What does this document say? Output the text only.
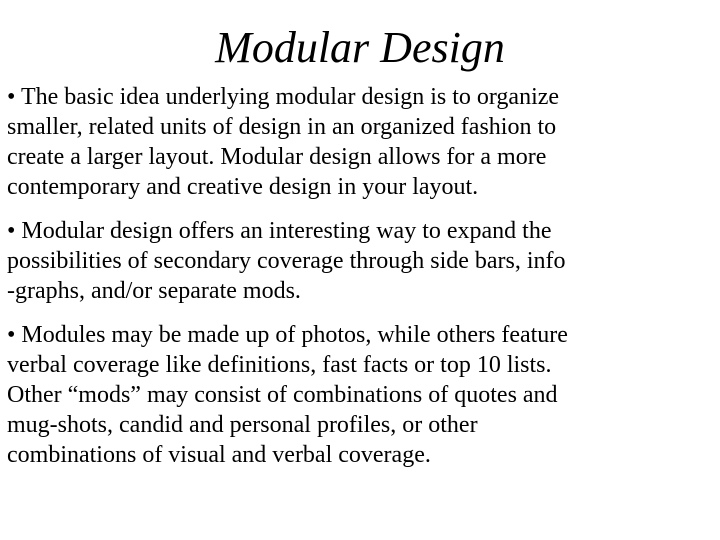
Modular Design

• The basic idea underlying modular design is to organize
smaller, related units of design in an organized fashion to
create a larger layout. Modular design allows for a more
contemporary and creative design in your layout.

• Modular design offers an interesting way to expand the
possibilities of secondary coverage through side bars, info
-graphs, and/or separate mods.

• Modules may be made up of photos, while others feature
verbal coverage like definitions, fast facts or top 10 lists.
Other “mods” may consist of combinations of quotes and
mug-shots, candid and personal profiles, or other
combinations of visual and verbal coverage.
